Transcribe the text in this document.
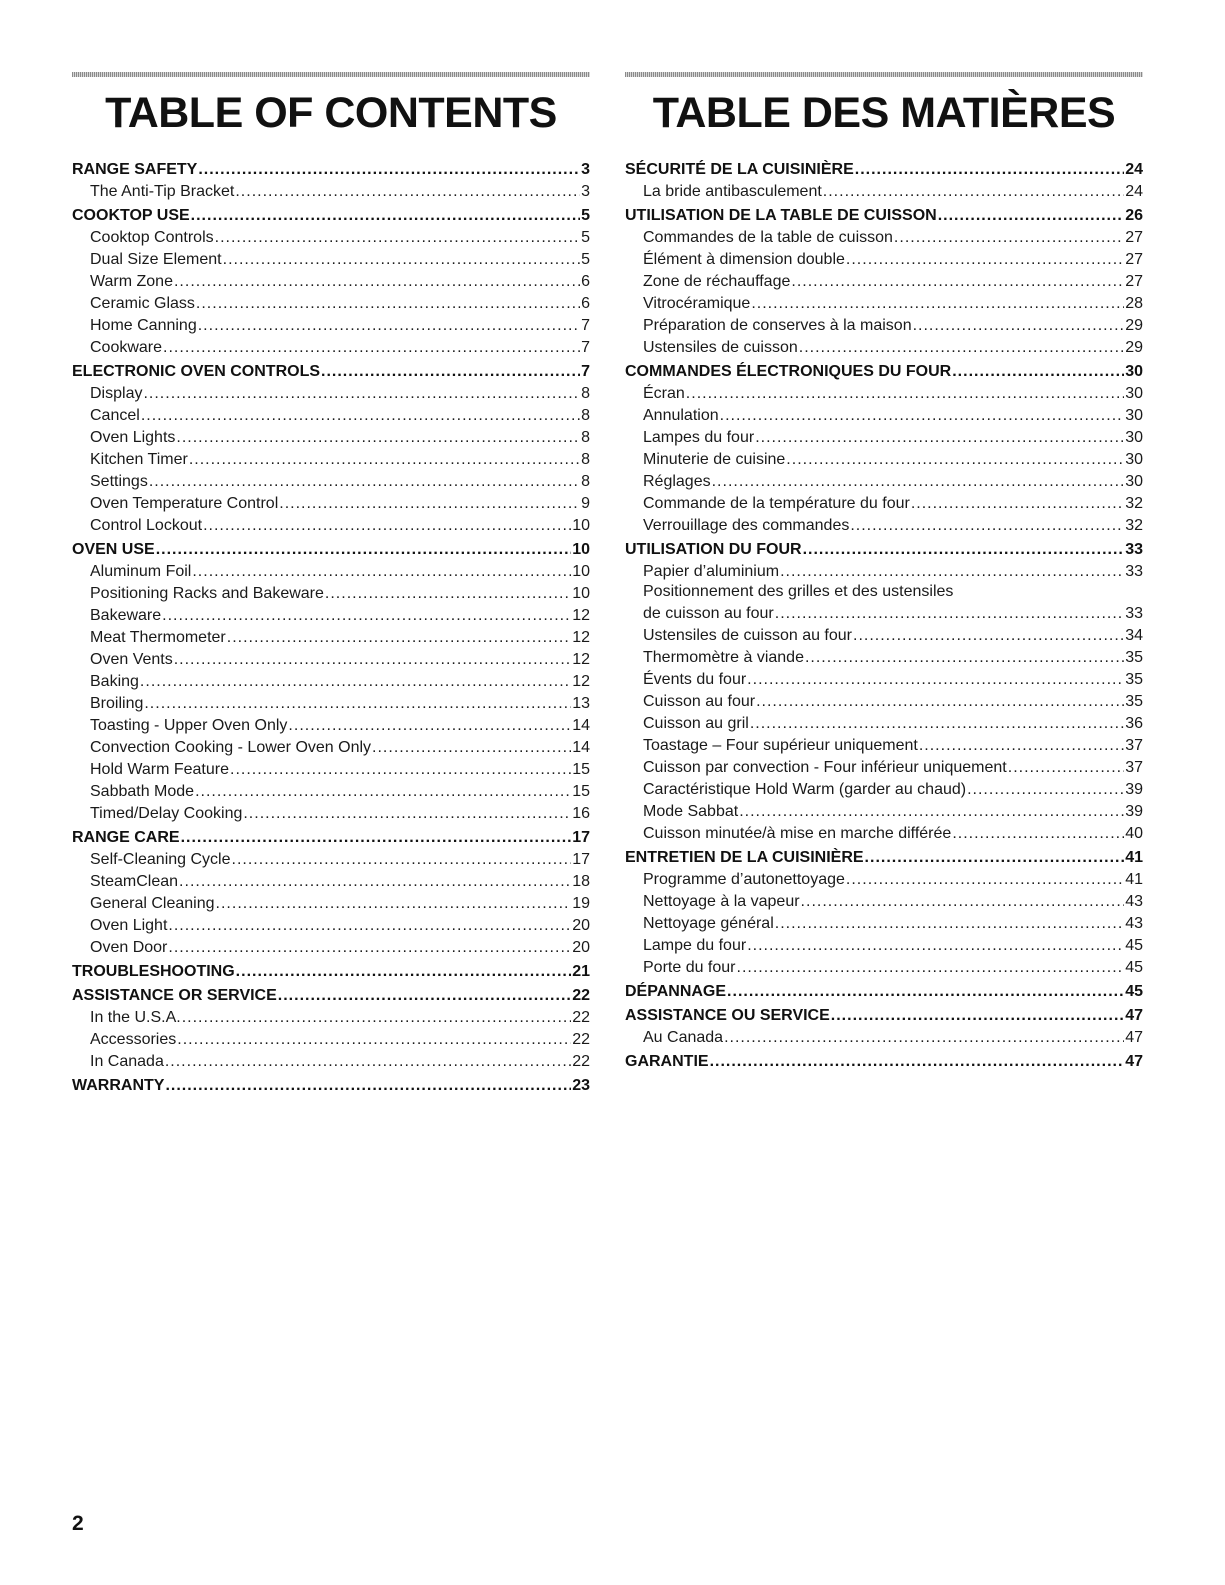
TABLE OF CONTENTS
RANGE SAFETY .....	3
The Anti-Tip Bracket .....	3
COOKTOP USE .....	5
Cooktop Controls .....	5
Dual Size Element .....	5
Warm Zone .....	6
Ceramic Glass .....	6
Home Canning .....	7
Cookware .....	7
ELECTRONIC OVEN CONTROLS .....	7
Display .....	8
Cancel .....	8
Oven Lights .....	8
Kitchen Timer .....	8
Settings .....	8
Oven Temperature Control .....	9
Control Lockout .....	10
OVEN USE .....	10
Aluminum Foil .....	10
Positioning Racks and Bakeware .....	10
Bakeware .....	12
Meat Thermometer .....	12
Oven Vents .....	12
Baking .....	12
Broiling .....	13
Toasting - Upper Oven Only .....	14
Convection Cooking - Lower Oven Only .....	14
Hold Warm Feature .....	15
Sabbath Mode .....	15
Timed/Delay Cooking .....	16
RANGE CARE .....	17
Self-Cleaning Cycle .....	17
SteamClean .....	18
General Cleaning .....	19
Oven Light .....	20
Oven Door .....	20
TROUBLESHOOTING .....	21
ASSISTANCE OR SERVICE .....	22
In the U.S.A. .....	22
Accessories .....	22
In Canada .....	22
WARRANTY .....	23
TABLE DES MATIÈRES
SÉCURITÉ DE LA CUISINIÈRE .....	24
La bride antibasculement .....	24
UTILISATION DE LA TABLE DE CUISSON .....	26
Commandes de la table de cuisson .....	27
Élément à dimension double .....	27
Zone de réchauffage .....	27
Vitrocéramique .....	28
Préparation de conserves à la maison .....	29
Ustensiles de cuisson .....	29
COMMANDES ÉLECTRONIQUES DU FOUR .....	30
Écran .....	30
Annulation .....	30
Lampes du four .....	30
Minuterie de cuisine .....	30
Réglages .....	30
Commande de la température du four .....	32
Verrouillage des commandes .....	32
UTILISATION DU FOUR .....	33
Papier d’aluminium .....	33
Positionnement des grilles et des ustensiles
de cuisson au four .....	33
Ustensiles de cuisson au four .....	34
Thermomètre à viande .....	35
Évents du four .....	35
Cuisson au four .....	35
Cuisson au gril .....	36
Toastage – Four supérieur uniquement .....	37
Cuisson par convection - Four inférieur uniquement .....	37
Caractéristique Hold Warm (garder au chaud) .....	39
Mode Sabbat .....	39
Cuisson minutée/à mise en marche différée .....	40
ENTRETIEN DE LA CUISINIÈRE .....	41
Programme d’autonettoyage .....	41
Nettoyage à la vapeur .....	43
Nettoyage général .....	43
Lampe du four .....	45
Porte du four .....	45
DÉPANNAGE .....	45
ASSISTANCE OU SERVICE .....	47
Au Canada .....	47
GARANTIE .....	47
2
